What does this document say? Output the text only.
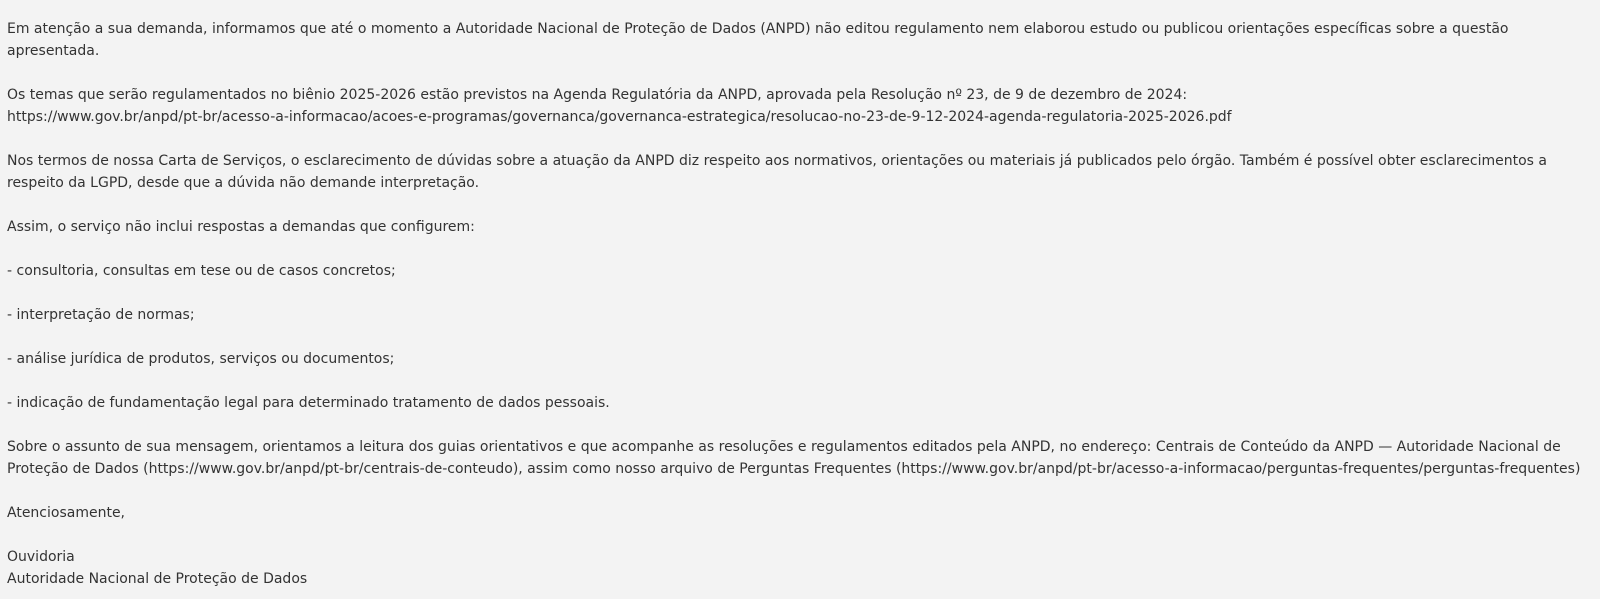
Em atenção a sua demanda, informamos que até o momento a Autoridade Nacional de Proteção de Dados (ANPD) não editou regulamento nem elaborou estudo ou publicou orientações específicas sobre a questão apresentada.

Os temas que serão regulamentados no biênio 2025-2026 estão previstos na Agenda Regulatória da ANPD, aprovada pela Resolução nº 23, de 9 de dezembro de 2024:
https://www.gov.br/anpd/pt-br/acesso-a-informacao/acoes-e-programas/governanca/governanca-estrategica/resolucao-no-23-de-9-12-2024-agenda-regulatoria-2025-2026.pdf

Nos termos de nossa Carta de Serviços, o esclarecimento de dúvidas sobre a atuação da ANPD diz respeito aos normativos, orientações ou materiais já publicados pelo órgão. Também é possível obter esclarecimentos a respeito da LGPD, desde que a dúvida não demande interpretação.

Assim, o serviço não inclui respostas a demandas que configurem:

- consultoria, consultas em tese ou de casos concretos;

- interpretação de normas;

- análise jurídica de produtos, serviços ou documentos;

- indicação de fundamentação legal para determinado tratamento de dados pessoais.

Sobre o assunto de sua mensagem, orientamos a leitura dos guias orientativos e que acompanhe as resoluções e regulamentos editados pela ANPD, no endereço: Centrais de Conteúdo da ANPD — Autoridade Nacional de Proteção de Dados (https://www.gov.br/anpd/pt-br/centrais-de-conteudo), assim como nosso arquivo de Perguntas Frequentes (https://www.gov.br/anpd/pt-br/acesso-a-informacao/perguntas-frequentes/perguntas-frequentes)

Atenciosamente,

Ouvidoria
Autoridade Nacional de Proteção de Dados
